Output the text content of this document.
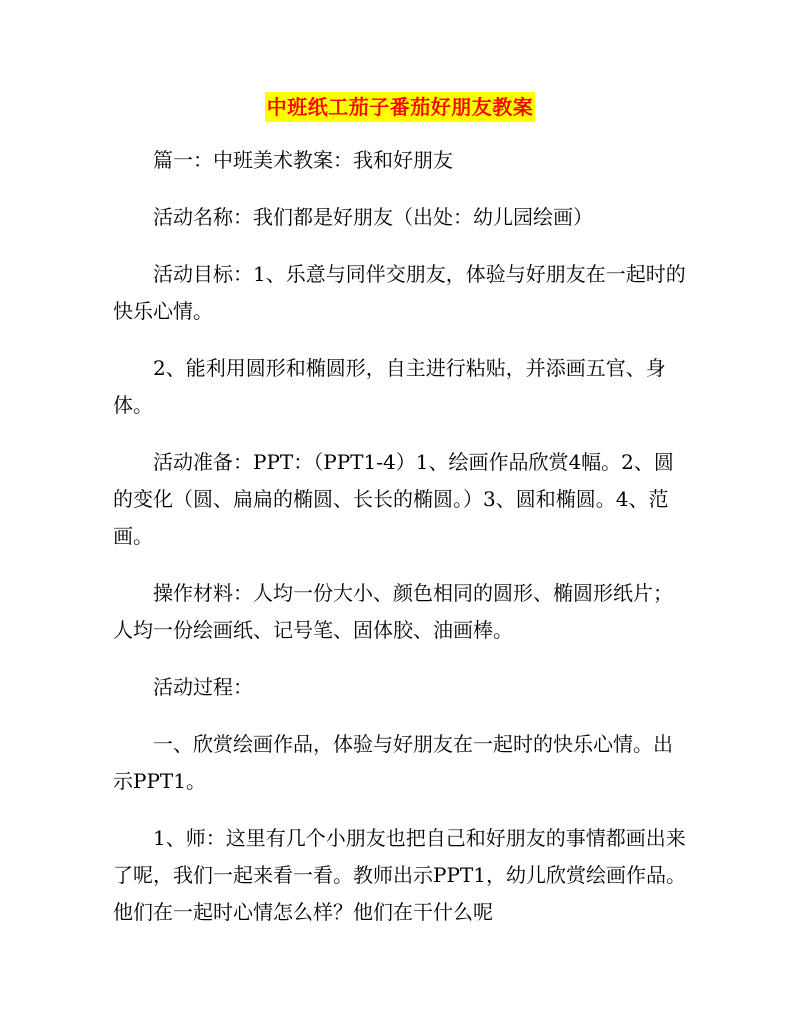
中班纸工茄子番茄好朋友教案

篇一：中班美术教案：我和好朋友

活动名称：我们都是好朋友（出处：幼儿园绘画）

活动目标：1、乐意与同伴交朋友，体验与好朋友在一起时的快乐心情。

2、能利用圆形和椭圆形，自主进行粘贴，并添画五官、身体。

活动准备：PPT：（PPT1-4）1、绘画作品欣赏4幅。2、圆的变化（圆、扁扁的椭圆、长长的椭圆。）3、圆和椭圆。4、范画。

操作材料：人均一份大小、颜色相同的圆形、椭圆形纸片；人均一份绘画纸、记号笔、固体胶、油画棒。

活动过程：

一、欣赏绘画作品，体验与好朋友在一起时的快乐心情。出示PPT1。

1、师：这里有几个小朋友也把自己和好朋友的事情都画出来了呢，我们一起来看一看。教师出示PPT1，幼儿欣赏绘画作品。他们在一起时心情怎么样？他们在干什么呢
